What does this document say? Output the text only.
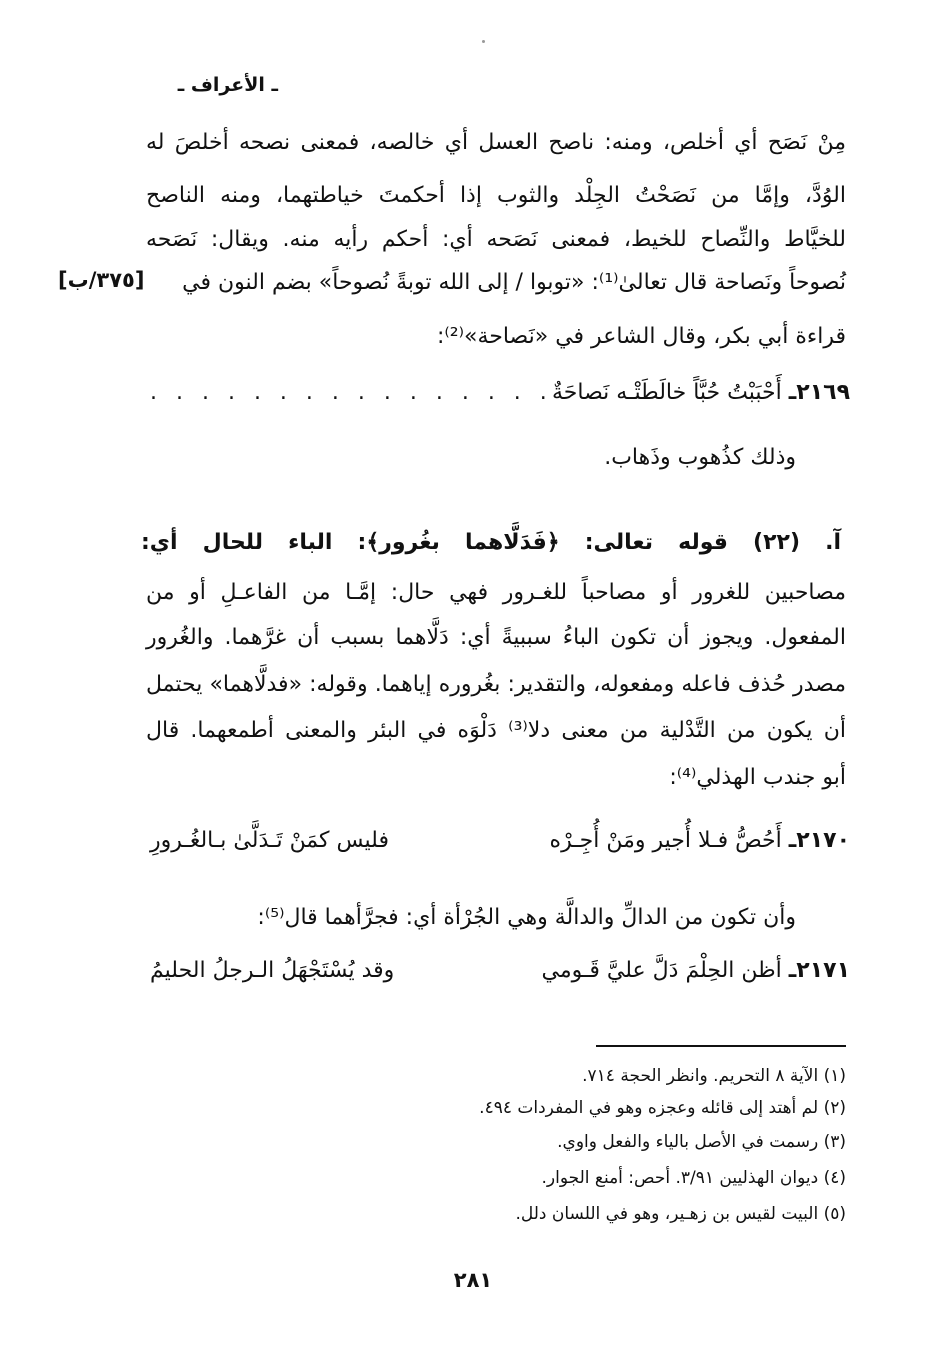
ـ الأعراف ـ
مِنْ نَصَح أي أخلص، ومنه: ناصح العسل أي خالصه، فمعنى نصحه أخلصَ له
الوُدَّ، وإمَّا من نَصَحْتُ الجِلْد والثوب إذا أحكمتَ خياطتهما، ومنه الناصح
للخيَّاط والنِّصاح للخيط، فمعنى نَصَحه أي: أحكم رأيه منه. ويقال: نَصَحه
نُصوحاً ونَصاحة قال تعالىٰ⁽¹⁾: «توبوا / إلى الله توبةً نُصوحاً» بضم النون في
[٣٧٥/ب]
قراءة أبي بكر، وقال الشاعر في «نَصاحة»⁽²⁾:
٢١٦٩ـ أَحْبَبْتُ حُبَّاً خالَطَتْـه نَصاحَةٌ
. . . . . . . . . . . . . . . .
وذلك كذُهوب وذَهاب.
آ. (٢٢) قوله تعالى: ﴿فَدَلَّاهما بغُرور﴾: الباء للحال أي:
مصاحبين للغرور أو مصاحباً للغـرور فهي حال: إمَّـا من الفاعـلِ أو من
المفعول. ويجوز أن تكون الباءُ سببيةً أي: دَلَّاهما بسبب أن غرَّهما. والغُرور
مصدر حُذف فاعله ومفعوله، والتقدير: بغُروره إياهما. وقوله: «فدلَّاهما» يحتمل
أن يكون من التَّدْلية من معنى دلا⁽³⁾ دَلْوَه في البئر والمعنى أطمعهما. قال
أبو جندب الهذلي⁽⁴⁾:
٢١٧٠ـ أَحُصُّ فـلا أُجير ومَنْ أُجِـرْه
فليس كمَنْ تَـدَلَّىٰ بـالغُـرورِ
وأن تكون من الدالِّ والدالَّة وهي الجُرْأة أي: فجرَّأهما قال⁽⁵⁾:
٢١٧١ـ أظن الحِلْمَ دَلَّ عليَّ قَـومي
وقد يُسْتَجْهَلُ الـرجلُ الحليمُ
(١) الآية ٨ التحريم. وانظر الحجة ٧١٤.
(٢) لم أهتد إلى قائله وعجزه وهو في المفردات ٤٩٤.
(٣) رسمت في الأصل بالياء والفعل واوي.
(٤) ديوان الهذليين ٣/٩١. أحص: أمنع الجوار.
(٥) البيت لقيس بن زهـير، وهو في اللسان دلل.
٢٨١
